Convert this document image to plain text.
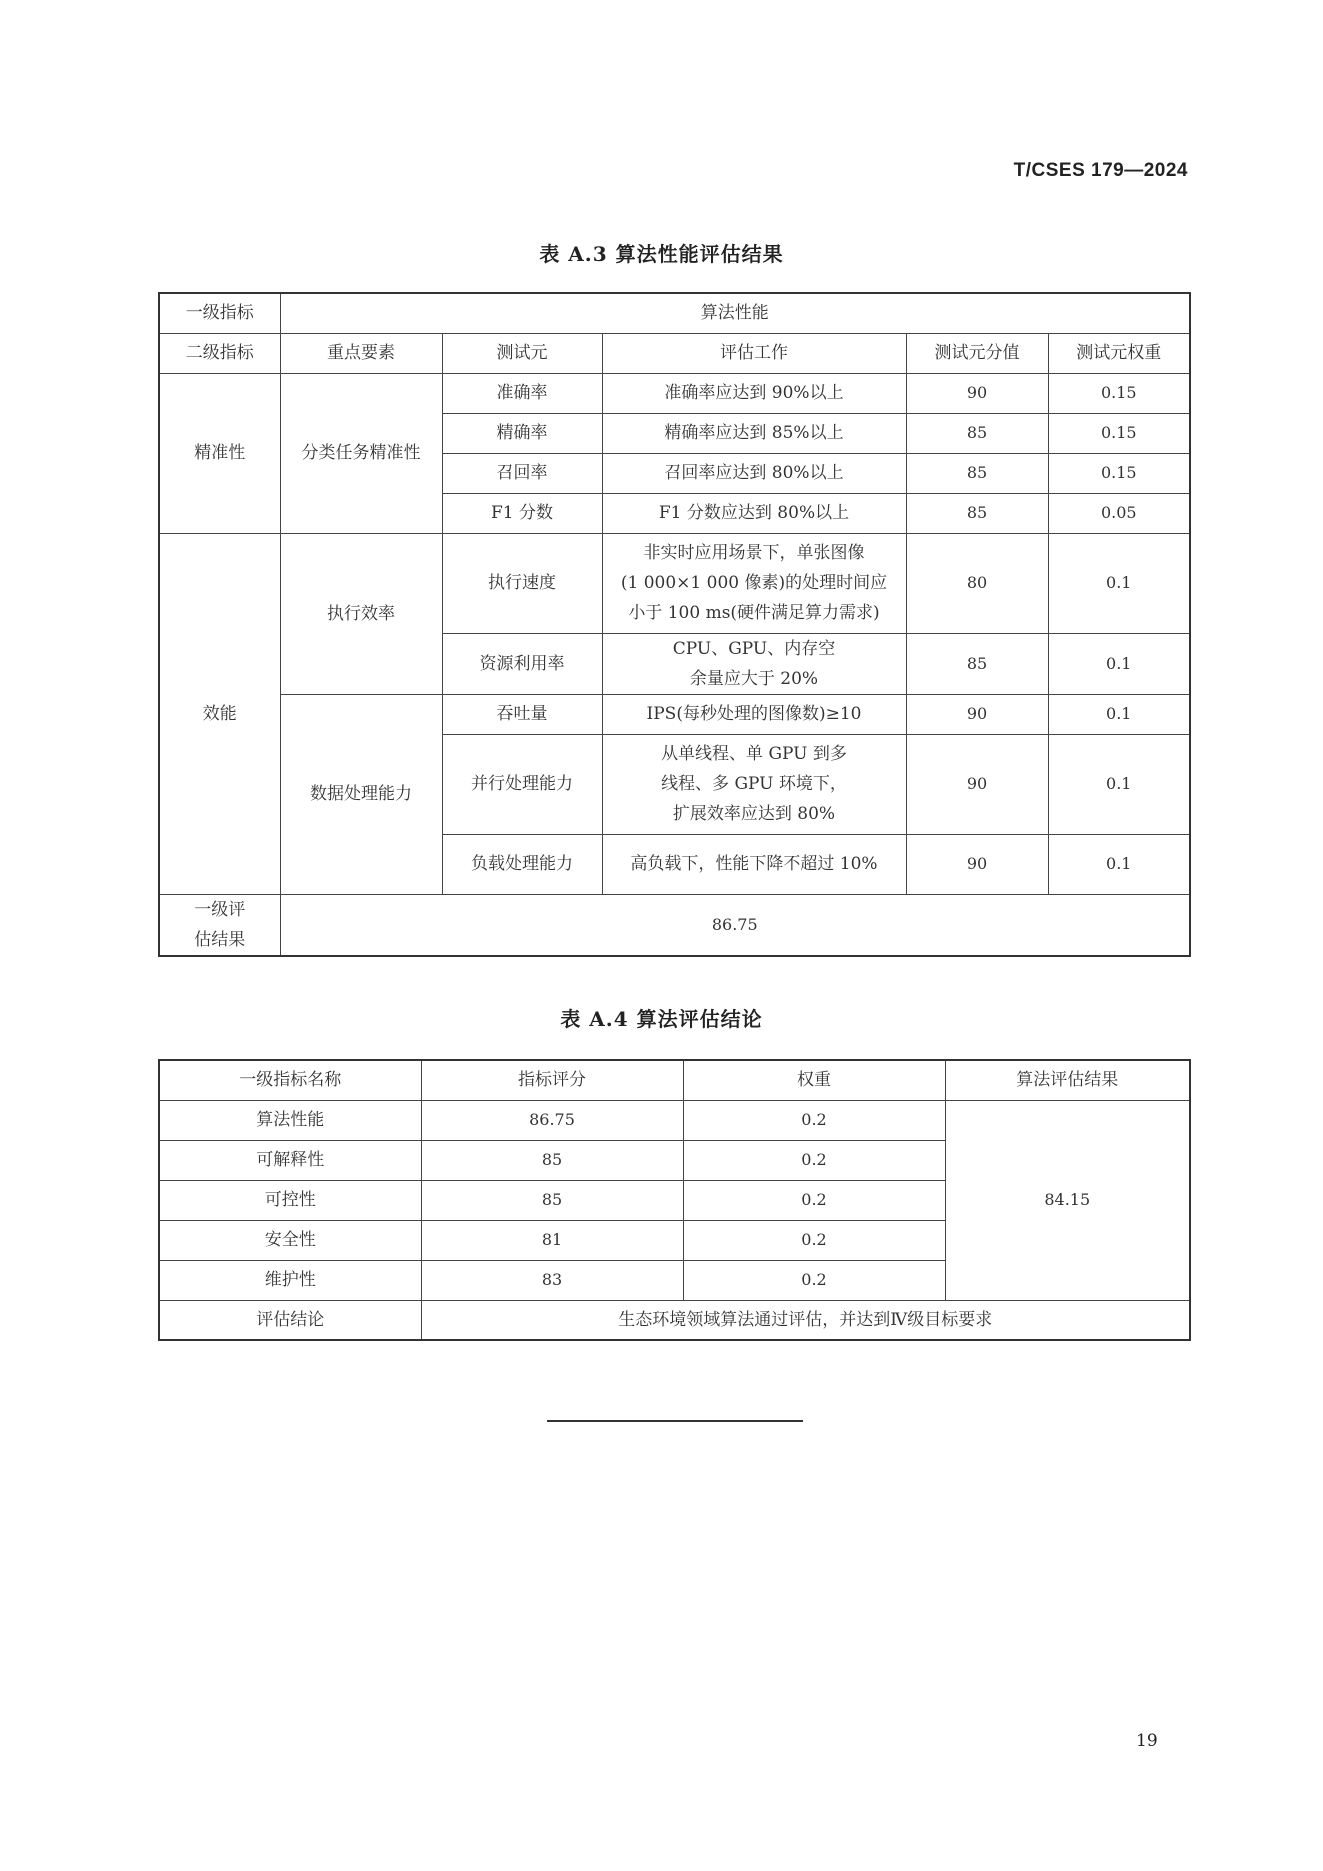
T/CSES 179—2024
表 A.3 算法性能评估结果
一级指标	算法性能				
二级指标	重点要素	测试元	评估工作	测试元分值	测试元权重
精准性	分类任务精准性	准确率	准确率应达到 90%以上	90	0.15
		精确率	精确率应达到 85%以上	85	0.15
		召回率	召回率应达到 80%以上	85	0.15
		F1 分数	F1 分数应达到 80%以上	85	0.05
效能	执行效率	执行速度	非实时应用场景下，单张图像
(1 000×1 000 像素)的处理时间应
小于 100 ms(硬件满足算力需求)	80	0.1
		资源利用率	CPU、GPU、内存空
余量应大于 20%	85	0.1
	数据处理能力	吞吐量	IPS(每秒处理的图像数)≥10	90	0.1
		并行处理能力	从单线程、单 GPU 到多
线程、多 GPU 环境下，
扩展效率应达到 80%	90	0.1
		负载处理能力	高负载下，性能下降不超过 10%	90	0.1

一级评
估结果	86.75				
表 A.4 算法评估结论
一级指标名称	指标评分	权重	算法评估结果
算法性能	86.75	0.2	84.15
可解释性	85	0.2	
可控性	85	0.2	
安全性	81	0.2	
维护性	83	0.2	
评估结论	生态环境领域算法通过评估，并达到Ⅳ级目标要求		
19
